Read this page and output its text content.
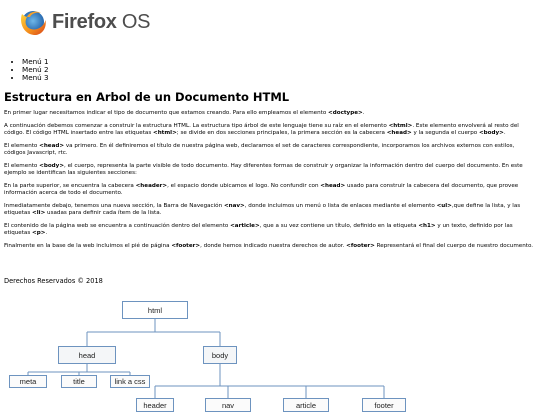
Firefox OS
• Menú 1
• Menú 2
• Menú 3
Estructura en Arbol de un Documento HTML

En primer lugar necesitamos indicar el tipo de documento que estamos creando. Para ello empleamos el elemento <doctype>.

A continuación debemos comenzar a construir la estructura HTML. La estructura tipo árbol de este lenguaje tiene su raíz en el elemento <html>. Este elemento envolverá al resto del código. El código HTML insertado entre las etiquetas <html>; se divide en dos secciones principales, la primera sección es la cabecera <head> y la segunda el cuerpo <body>.

El elemento <head> va primero. En él definiremos el título de nuestra página web, declaramos el set de caracteres correspondiente, incorporamos los archivos externos con estilos, códigos Javascript, rtc.

El elemento <body>, el cuerpo, representa la parte visible de todo documento. Hay diferentes formas de construir y organizar la información dentro del cuerpo del documento. En este ejemplo se identifican las siguientes secciones:

En la parte superior, se encuentra la cabecera <header>, el espacio donde ubicamos el logo. No confundir con <head> usado para construir la cabecera del documento, que provee información acerca de todo el documento.

Inmediatamente debajo, tenemos una nueva sección, la Barra de Navegación <nav>, donde incluimos un menú o lista de enlaces mediante el elemento <ul>,que define la lista, y las etiquetas <li> usadas para definir cada ítem de la lista.

El contenido de la página web se encuentra a continuación dentro del elemento <article>, que a su vez contiene un título, definido en la etiqueta <h1> y un texto, definido por las etiquetas <p>.

Finalmente en la base de la web incluimos el pié de página <footer>, donde hemos indicado nuestra derechos de autor. <footer> Representará el final del cuerpo de nuestro documento.

Derechos Reservados © 2018
html
head	body
meta	title	link a css
header	nav	article	footer
